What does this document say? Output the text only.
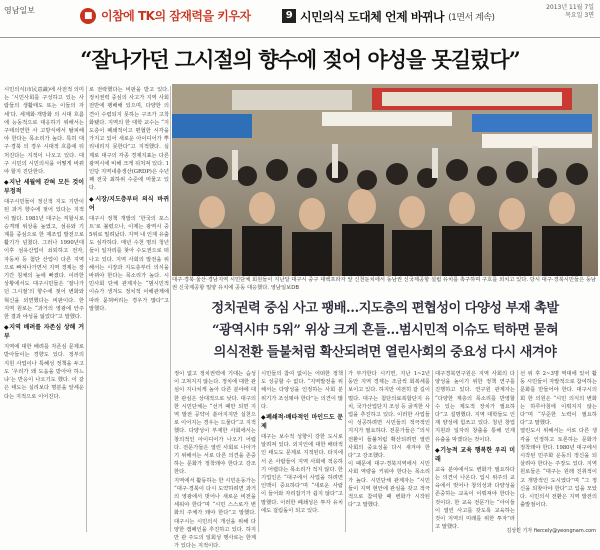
영남일보
■ 이참에 TK의 잠재력을 키우자	9 시민의식 도대체 언제 바뀌나 (1면서 계속)
2013년 11월 7일
목요일 3면
“잘나가던 그시절의 향수에 젖어 야성을 못길렀다”

시민의식(市民意識)에 사전적 의미는 ‘시민사회를 구성하고 있는 사람들의 생활태도 또는 이들의 자세’다. 세계화·개방화 의 시대 흐름에 능동적으로 대응하기 위해서는 구태의연한 사 고방식에서 탈피해야 한다는 목소리가 높다. 특히 대구·경북 의 경우 시대적 흐름에 뒤처진다는 지적이 나오고 있다. 대구 시민의 시민의식을 어떻게 바꿔야 할지 진단한다.

◆지난 세월에 갇혀 모든 것이 부정적

대구시민들이 정신적 지도 기반이 된 과거 향수에 젖어 있다는 지적이 많다. 1981년 대구는 직할시로 승격돼 위상을 높였고, 섬유와 기계를 중심으로 한 제조업 발전으로 활기가 넘쳤다. 그러나 1990년대 이후 섬유산업이 쇠퇴하고 전자, 자동차 등 첨단 산업이 다른 지역으로 빠져나가면서 지역 경제는 장기간 침체의 늪에 빠졌다. 이러한 상황에서도 대구시민들은 ‘잘나가던 그시절’의 향수에 젖어 변화와 혁신을 외면했다는 비판이다. 한 지역 원로는 “과거의 영광에 안주한 결과 야성을 잃었다”고 말했다.

◆지역 배려를 자존심 상해 거부

지역에 대한 배려를 자존심 문제로 받아들이는 경향도 있다. 정부의 지원 사업이나 특혜성 정책을 두고도 ‘우리가 왜 도움을 받아야 하느냐’는 반응이 나오기도 했다. 이 같은 태도는 실리보다 명분을 앞세운다는 지적으로 이어진다.

로 전락했다는 비판을 받고 있다. 정치권력 중심의 사고가 지역 사회 전반에 팽배해 있으며, 다양한 의견이 수렴되지 못하는 구조가 고착화됐다. 지역의 한 대학 교수는 “지도층이 폐쇄적이고 편협한 시각을 가지고 있어 새로운 아이디어가 뿌리내리지 못한다”고 지적했다. 실제로 대구의 각종 경제지표는 다른 광역시에 비해 크게 뒤처져 있다. 1인당 지역내총생산(GRDP)은 수년째 전국 최하위 수준에 머물고 있다.

◆시장/지도층부터 의식 바뀌어

대구시 정책 개발의 ‘한국의 포스트’로 불렸으나, 이제는 광역시 중 5위로 밀려났다. 지역 내 인재 유출도 심각하다. 매년 수천 명의 청년들이 일자리를 찾아 수도권으로 떠나고 있다. 지역 사회의 발전을 위해서는 시장과 지도층부터 의식을 바꿔야 한다는 목소리가 높다. 시민사회 단체 관계자는 “범시민적 이슈가 생겨도 정치적 이해관계에 따라 묻혀버리는 경우가 많다”고 말했다.

대구·경북·울산·경남지역 시민단체 회원들이 지난달 대구시 중구 대백프라자 앞 신천둔치에서 동남권 신국제공항 설립 유치를 촉구하며 구호를 외치고 있다. 당시 대구·경북시민들은 동남권 신국제공항 밀양 유치에 공동 대응했다. 영남일보DB
정치권력 중심 사고 팽배…지도층의 편협성이 다양성 부재 촉발
“광역시中 5위” 위상 크게 흔들…범시민적 이슈도 턱하면 묻혀
의식전환 들불처럼 확산되려면 열린사회의 중요성 다시 새겨야

정이 없고 정치권력에 기대는 습성이 고쳐지지 않는다. 정치에 대한 관심이 지나치게 높아 다른 분야에 대한 관심은 상대적으로 낮다. 대구의 한 시민단체는 “선거 때만 되면 지역 발전 공약이 쏟아지지만 실천으로 이어지는 경우는 드물다”고 지적했다. 다양성이 부재한 사회에서는 창의적인 아이디어가 나오기 어렵다. 전문가들은 열린 사회로 나아가기 위해서는 서로 다른 의견을 존중하는 문화가 정착돼야 한다고 강조한다.

지역에서 활동하는 한 시민운동가는 “대구·경북이 다시 도약하려면 과거의 영광에서 벗어나 새로운 비전을 세워야 한다”며 “시민 스스로가 변화의 주체가 돼야 한다”고 말했다. 대구시는 시민의식 개선을 위해 다양한 캠페인을 추진하고 있다. 하지만 관 주도의 일회성 행사로는 한계가 있다는 지적이다.

시민들의 참여 없이는 어떠한 정책도 성공할 수 없다. “지역발전을 위해서는 다양성을 인정하는 사회 분위기가 조성돼야 한다”는 의견이 많다.

◆폐쇄적·배타적인 마인드도 문제

대구는 보수적 성향이 강한 도시로 알려져 있다. 외지인에 대한 배타적인 태도도 문제로 지적된다. 타지에서 온 사람들이 지역 사회에 적응하기 어렵다는 목소리가 적지 않다. 한 기업인은 “대구에서 사업을 하려면 인맥이 중요하다”며 “새로운 사람이 들어와 자리잡기가 쉽지 않다”고 말했다. 이러한 폐쇄성은 투자 유치에도 걸림돌이 되고 있다.

가 부가한다 시키면, 지난 1~2년 동안 지역 경제는 조금씩 회복세를 보이고 있다. 하지만 여전히 갈 길이 멀다. 대구는 첨단의료복합단지 유치, 국가산업단지 조성 등 굵직한 사업을 추진하고 있다. 이러한 사업들이 성공하려면 시민들의 적극적인 지지가 필요하다. 전문가들은 “의식 전환이 들불처럼 확산되려면 열린 사회의 중요성을 다시 새겨야 한다”고 강조했다.

이 때문에 대구·경북지역에서 시민사회 역량을 키워야 한다는 목소리가 높다. 시민단체 관계자는 “시민들이 지역 현안에 관심을 갖고 적극적으로 참여할 때 변화가 시작된다”고 말했다.

대구경북연구원은 지역 사회의 다양성을 높이기 위한 정책 연구를 진행하고 있다. 연구원 관계자는 “다양한 계층의 목소리를 반영할 수 있는 제도적 장치가 필요하다”고 설명했다. 지역 대학들도 인재 양성에 힘쓰고 있다. 청년 창업 지원과 일자리 창출을 통해 인재 유출을 막겠다는 것이다.

◆기능적 교육 행복한 우리 미래

교육 분야에서도 변화가 필요하다는 의견이 나온다. 입시 위주의 교육에서 벗어나 창의성과 다양성을 존중하는 교육이 이뤄져야 한다는 것이다. 한 교육 전문가는 “아이들이 열린 사고를 갖도록 교육하는 것이 지역의 미래를 위한 투자”라고 말했다.

선 위 후 2~3명 역대에 있어 활동 시민들이 자발적으로 참여하는 문화를 만들어야 한다. 대구시의회 한 의원은 “시민 의식의 변화는 하루아침에 이뤄지지 않는다”며 “꾸준한 노력이 필요하다”고 말했다.

열린도시 위해서는 서로 다른 생각을 인정하고 토론하는 문화가 정착돼야 한다. 1980년 대구에서 시작된 민주화 운동의 정신을 되살려야 한다는 주장도 있다. 지역 원로들은 “대구는 원래 진취적이고 개방적인 도시였다”며 “그 정신을 되찾아야 한다”고 입을 모았다. 시민의식 전환은 지역 발전의 출발점이다.

김상진 기자 fiercely@yeongnam.com
